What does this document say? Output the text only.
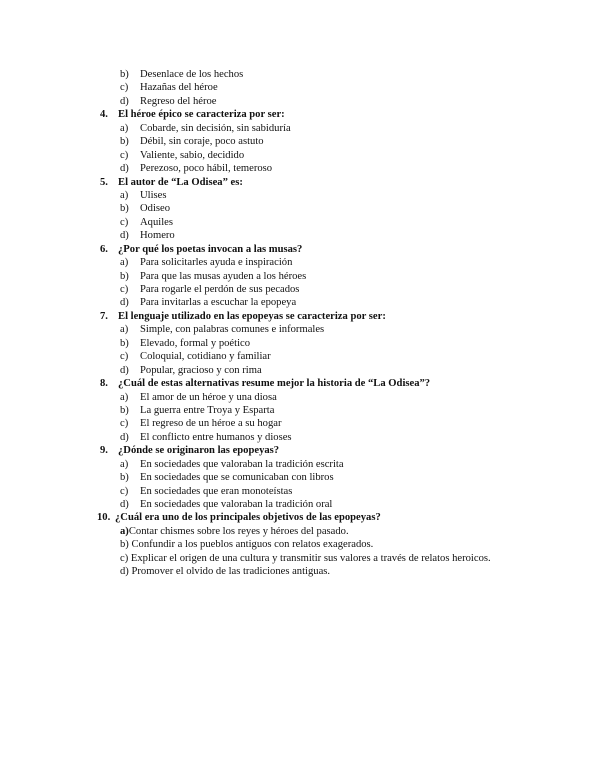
b)	Desenlace de los hechos
c)	Hazañas del héroe
d)	Regreso del héroe
4. El héroe épico se caracteriza por ser:
a)	Cobarde, sin decisión, sin sabiduría
b)	Débil, sin coraje, poco astuto
c)	Valiente, sabio, decidido
d)	Perezoso, poco hábil, temeroso
5. El autor de “La Odisea” es:
a)	Ulises
b)	Odiseo
c)	Aquiles
d)	Homero
6. ¿Por qué los poetas invocan a las musas?
a)	Para solicitarles ayuda e inspiración
b)	Para que las musas ayuden a los héroes
c)	Para rogarle el perdón de sus pecados
d)	Para invitarlas a escuchar la epopeya
7. El lenguaje utilizado en las epopeyas se caracteriza por ser:
a)	Simple, con palabras comunes e informales
b)	Elevado, formal y poético
c)	Coloquial, cotidiano y familiar
d)	Popular, gracioso y con rima
8. ¿Cuál de estas alternativas resume mejor la historia de “La Odisea”?
a)	El amor de un héroe y una diosa
b)	La guerra entre Troya y Esparta
c)	El regreso de un héroe a su hogar
d)	El conflicto entre humanos y dioses
9. ¿Dónde se originaron las epopeyas?
a)	En sociedades que valoraban la tradición escrita
b)	En sociedades que se comunicaban con libros
c)	En sociedades que eran monoteístas
d)	En sociedades que valoraban la tradición oral
10. ¿Cuál era uno de los principales objetivos de las epopeyas?
a)Contar chismes sobre los reyes y héroes del pasado.
b) Confundir a los pueblos antiguos con relatos exagerados.
c) Explicar el origen de una cultura y transmitir sus valores a través de relatos heroicos.
d) Promover el olvido de las tradiciones antiguas.
